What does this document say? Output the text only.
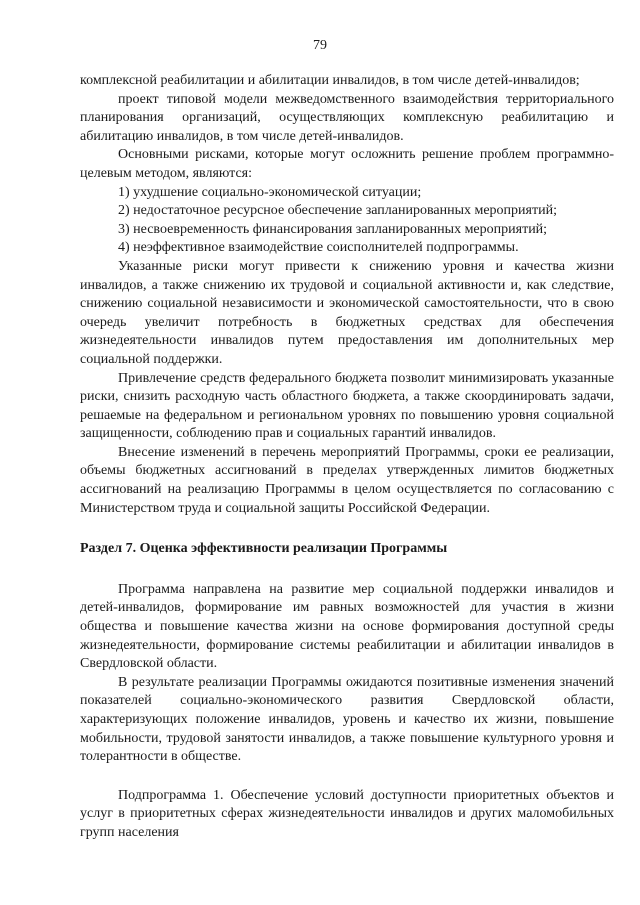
79

комплексной реабилитации и абилитации инвалидов, в том числе детей-инвалидов;

проект типовой модели межведомственного взаимодействия территориального планирования организаций, осуществляющих комплексную реабилитацию и абилитацию инвалидов, в том числе детей-инвалидов.

Основными рисками, которые могут осложнить решение проблем программно-целевым методом, являются:

1) ухудшение социально-экономической ситуации;

2) недостаточное ресурсное обеспечение запланированных мероприятий;

3) несвоевременность финансирования запланированных мероприятий;

4) неэффективное взаимодействие соисполнителей подпрограммы.

Указанные риски могут привести к снижению уровня и качества жизни инвалидов, а также снижению их трудовой и социальной активности и, как следствие, снижению социальной независимости и экономической самостоятельности, что в свою очередь увеличит потребность в бюджетных средствах для обеспечения жизнедеятельности инвалидов путем предоставления им дополнительных мер социальной поддержки.

Привлечение средств федерального бюджета позволит минимизировать указанные риски, снизить расходную часть областного бюджета, а также скоординировать задачи, решаемые на федеральном и региональном уровнях по повышению уровня социальной защищенности, соблюдению прав и социальных гарантий инвалидов.

Внесение изменений в перечень мероприятий Программы, сроки ее реализации, объемы бюджетных ассигнований в пределах утвержденных лимитов бюджетных ассигнований на реализацию Программы в целом осуществляется по согласованию с Министерством труда и социальной защиты Российской Федерации.

Раздел 7. Оценка эффективности реализации Программы

Программа направлена на развитие мер социальной поддержки инвалидов и детей-инвалидов, формирование им равных возможностей для участия в жизни общества и повышение качества жизни на основе формирования доступной среды жизнедеятельности, формирование системы реабилитации и абилитации инвалидов в Свердловской области.

В результате реализации Программы ожидаются позитивные изменения значений показателей социально-экономического развития Свердловской области, характеризующих положение инвалидов, уровень и качество их жизни, повышение мобильности, трудовой занятости инвалидов, а также повышение культурного уровня и толерантности в обществе.

Подпрограмма 1. Обеспечение условий доступности приоритетных объектов и услуг в приоритетных сферах жизнедеятельности инвалидов и других маломобильных групп населения
